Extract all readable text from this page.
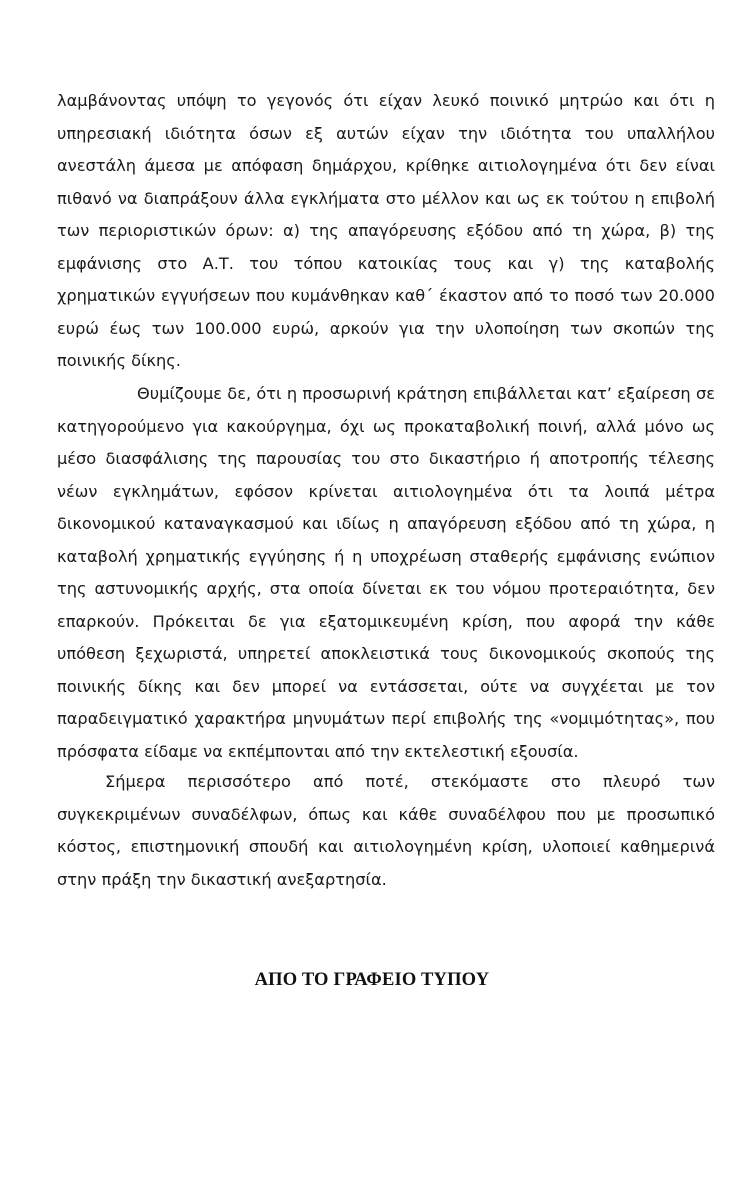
λαμβάνοντας υπόψη το γεγονός ότι είχαν λευκό ποινικό μητρώο και ότι η υπηρεσιακή ιδιότητα όσων εξ αυτών είχαν την ιδιότητα του υπαλλήλου ανεστάλη άμεσα με απόφαση δημάρχου, κρίθηκε αιτιολογημένα ότι δεν είναι πιθανό να διαπράξουν άλλα εγκλήματα στο μέλλον και ως εκ τούτου η επιβολή των περιοριστικών όρων: α) της απαγόρευσης εξόδου από τη χώρα, β) της εμφάνισης στο Α.Τ. του τόπου κατοικίας τους και γ) της καταβολής χρηματικών εγγυήσεων που κυμάνθηκαν καθ΄ έκαστον από το ποσό των 20.000 ευρώ έως των 100.000 ευρώ, αρκούν για την υλοποίηση των σκοπών της ποινικής δίκης.

Θυμίζουμε δε, ότι η προσωρινή κράτηση επιβάλλεται κατ’ εξαίρεση σε κατηγορούμενο για κακούργημα, όχι ως προκαταβολική ποινή, αλλά μόνο ως μέσο διασφάλισης της παρουσίας του στο δικαστήριο ή αποτροπής τέλεσης νέων εγκλημάτων, εφόσον κρίνεται αιτιολογημένα ότι τα λοιπά μέτρα δικονομικού καταναγκασμού και ιδίως η απαγόρευση εξόδου από τη χώρα, η καταβολή χρηματικής εγγύησης ή η υποχρέωση σταθερής εμφάνισης ενώπιον της αστυνομικής αρχής, στα οποία δίνεται εκ του νόμου προτεραιότητα, δεν επαρκούν. Πρόκειται δε για εξατομικευμένη κρίση, που αφορά την κάθε υπόθεση ξεχωριστά, υπηρετεί αποκλειστικά τους δικονομικούς σκοπούς της ποινικής δίκης και δεν μπορεί να εντάσσεται, ούτε να συγχέεται με τον παραδειγματικό χαρακτήρα μηνυμάτων περί επιβολής της «νομιμότητας», που πρόσφατα είδαμε να εκπέμπονται από την εκτελεστική εξουσία.

Σήμερα περισσότερο από ποτέ, στεκόμαστε στο πλευρό των συγκεκριμένων συναδέλφων, όπως και κάθε συναδέλφου που με προσωπικό κόστος, επιστημονική σπουδή και αιτιολογημένη κρίση, υλοποιεί καθημερινά στην πράξη την δικαστική ανεξαρτησία.

ΑΠΟ ΤΟ ΓΡΑΦΕΙΟ ΤΥΠΟΥ
